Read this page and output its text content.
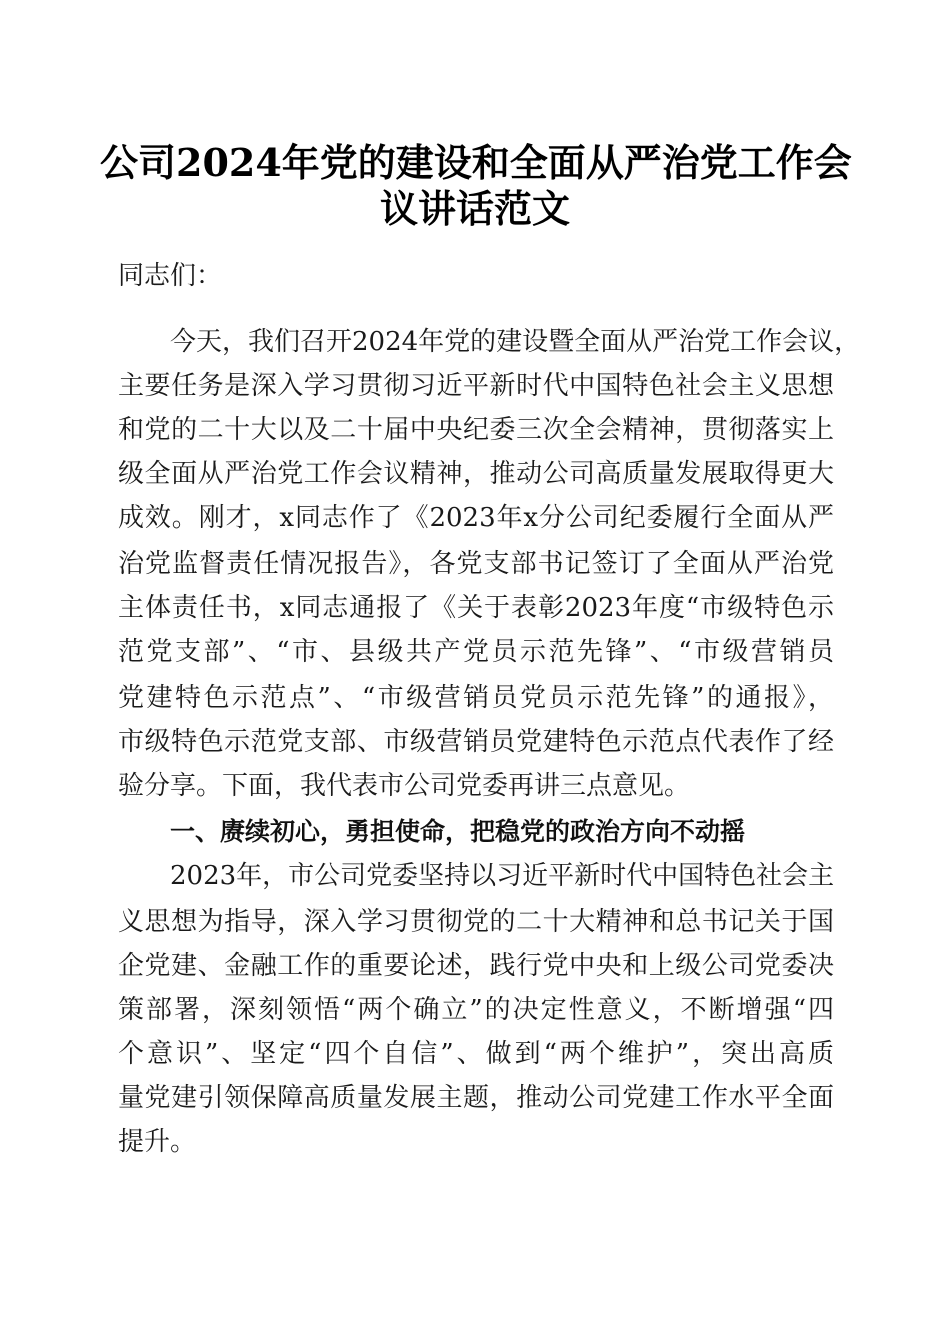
公司2024年党的建设和全面从严治党工作会
议讲话范文
同志们：
今天，我们召开2024年党的建设暨全面从严治党工作会议，
主要任务是深入学习贯彻习近平新时代中国特色社会主义思想
和党的二十大以及二十届中央纪委三次全会精神，贯彻落实上
级全面从严治党工作会议精神，推动公司高质量发展取得更大
成效。刚才，x同志作了《2023年x分公司纪委履行全面从严
治党监督责任情况报告》，各党支部书记签订了全面从严治党
主体责任书，x同志通报了《关于表彰2023年度“市级特色示
范党支部”、“市、县级共产党员示范先锋”、“市级营销员
党建特色示范点”、“市级营销员党员示范先锋”的通报》，
市级特色示范党支部、市级营销员党建特色示范点代表作了经
验分享。下面，我代表市公司党委再讲三点意见。
一、赓续初心，勇担使命，把稳党的政治方向不动摇
2023年，市公司党委坚持以习近平新时代中国特色社会主
义思想为指导，深入学习贯彻党的二十大精神和总书记关于国
企党建、金融工作的重要论述，践行党中央和上级公司党委决
策部署，深刻领悟“两个确立”的决定性意义，不断增强“四
个意识”、坚定“四个自信”、做到“两个维护”，突出高质
量党建引领保障高质量发展主题，推动公司党建工作水平全面
提升。
